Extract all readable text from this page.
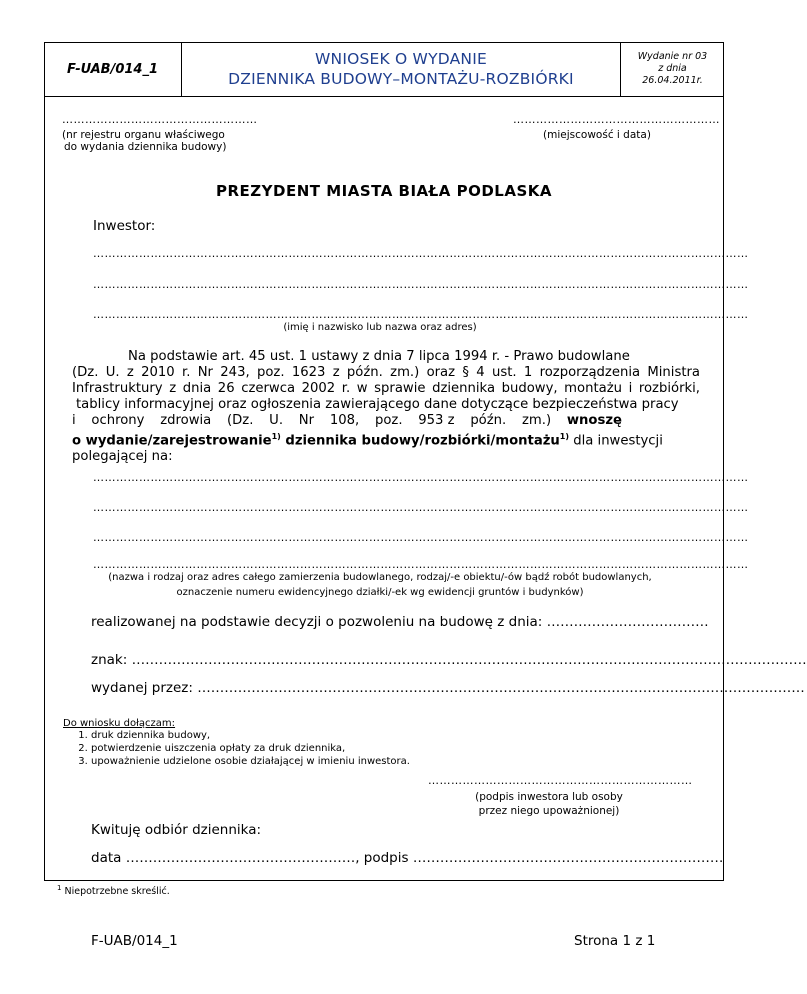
F-UAB/014_1
WNIOSEK O WYDANIE
DZIENNIKA BUDOWY–MONTAŻU-ROZBIÓRKI
Wydanie nr 03
z dnia
26.04.2011r.
……………………………………………
(nr rejestru organu właściwego
do wydania dziennika budowy)
………………………………………………
(miejscowość i data)
PREZYDENT MIASTA BIAŁA PODLASKA
Inwestor:
………………………………………………………………………………………………………………………………………………………
………………………………………………………………………………………………………………………………………………………
………………………………………………………………………………………………………………………………………………………
(imię i nazwisko lub nazwa oraz adres)
Na podstawie art. 45 ust. 1 ustawy z dnia 7 lipca 1994 r. - Prawo budowlane
(Dz. U. z 2010 r. Nr 243, poz. 1623 z późn. zm.) oraz § 4 ust. 1 rozporządzenia Ministra
Infrastruktury z dnia 26 czerwca 2002 r. w sprawie dziennika budowy, montażu i rozbiórki,
tablicy informacyjnej oraz ogłoszenia zawierającego dane dotyczące bezpieczeństwa pracy
i ochrony zdrowia (Dz. U. Nr 108, poz. 953 z późn. zm.) wnoszę
o wydanie/zarejestrowanie$^{1)}$ dziennika budowy/rozbiórki/montażu$^{1)}$ dla inwestycji
polegającej na:
………………………………………………………………………………………………………………………………………………………
………………………………………………………………………………………………………………………………………………………
………………………………………………………………………………………………………………………………………………………
………………………………………………………………………………………………………………………………………………………
(nazwa i rodzaj oraz adres całego zamierzenia budowlanego, rodzaj/-e obiektu/-ów bądź robót budowlanych,
oznaczenie numeru ewidencyjnego działki/-ek wg ewidencji gruntów i budynków)
realizowanej na podstawie decyzji o pozwoleniu na budowę z dnia: ………………………………
znak: ……………………………………………………………………………………………………………………………………
wydanej przez: ………………………………………………………………………………………………………………………
Do wniosku dołączam:
1. druk dziennika budowy,
2. potwierdzenie uiszczenia opłaty za druk dziennika,
3. upoważnienie udzielone osobie działającej w imieniu inwestora.
……………………………………………………………
(podpis inwestora lub osoby
przez niego upoważnionej)
Kwituję odbiór dziennika:
data ……………………………………………, podpis ……………………………………………………………
$^1$ Niepotrzebne skreślić.
F-UAB/014_1	Strona 1 z 1
